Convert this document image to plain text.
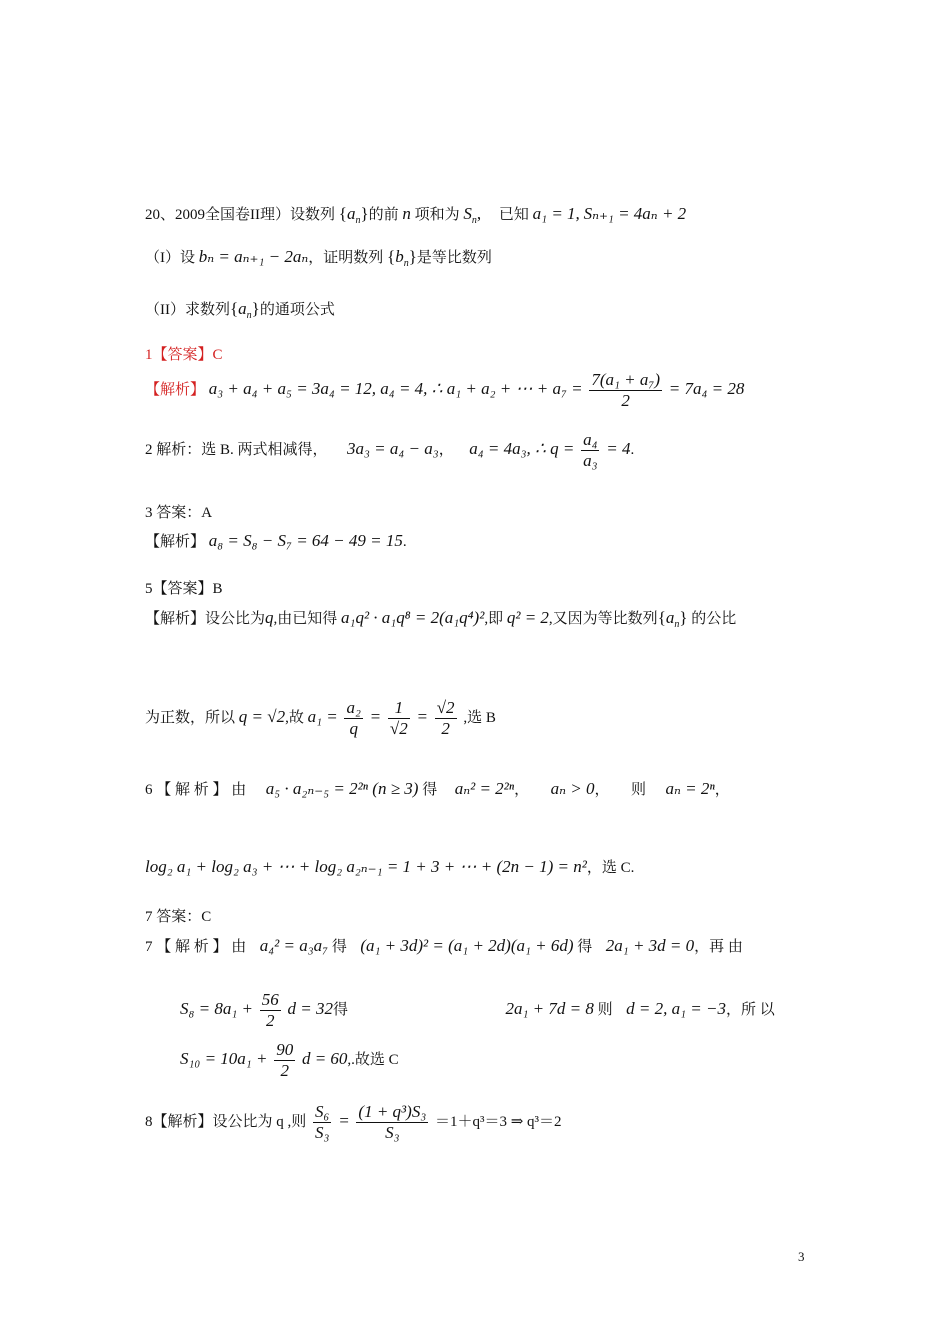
20、2009全国卷II理）设数列 $\{a_n\}$的前 n 项和为 $S_n$, 已知 a₁ = 1, Sₙ₊₁ = 4aₙ + 2
（I）设 bₙ = aₙ₊₁ − 2aₙ，证明数列 $\{b_n\}$是等比数列
（II）求数列$\{a_n\}$的通项公式
1【答案】C
【解析】 a₃ + a₄ + a₅ = 3a₄ = 12, a₄ = 4, ∴ a₁ + a₂ + ⋯ + $a_7 = \frac{\text{7(a₁ + a₇)}}{2} = 7a_4 = 28$
2 解析：选 B. 两式相减得， 3a₃ = a₄ − a₃， a₄ = 4a₃, ∴ $q = \frac{\text{a₄}}{\text{a₃}} = 4$.
3 答案：A
【解析】 a₈ = S₈ − S₇ = 64 − 49 = 15.
5【答案】B
【解析】设公比为q,由已知得 a₁q² · a₁q⁸ = 2(a₁q⁴)²,即 q² = 2,又因为等比数列$\{a_n\}$ 的公比
为正数，所以 q = √2,故 $a_1 = \frac{\text{a₂}}{q} = \frac{1}{√2} = \frac{√2}{2}$ ,选 B
6 【 解 析 】 由 a₅ · a₂ₙ₋₅ = 2²ⁿ (n ≥ 3) 得 aₙ² = 2²ⁿ， aₙ > 0， 则 aₙ = 2ⁿ，
log₂ a₁ + log₂ a₃ + ⋯ + log₂ a₂ₙ₋₁ = 1 + 3 + ⋯ + (2n − 1) = n²，选 C.
7 答案：C
7 【 解 析 】 由 a₄² = a₃a₇ 得 (a₁ + 3d)² = (a₁ + 2d)(a₁ + 6d) 得 2a₁ + 3d = 0，再 由
$S_8 = 8a_1 + \frac{56}{2}$ d = 32得	2a₁ + 7d = 8 则 d = 2, a₁ = −3，所 以
$S_{10} = 10a_1 + \frac{90}{2}$ d = 60,.故选 C
8【解析】设公比为 q ,则 $\frac{\text{S₆}}{\text{S₃}} = \frac{\text{(1 + q³)S₃}}{\text{S₃}} =1+q^3=3$ ⇒ q³＝2
3
